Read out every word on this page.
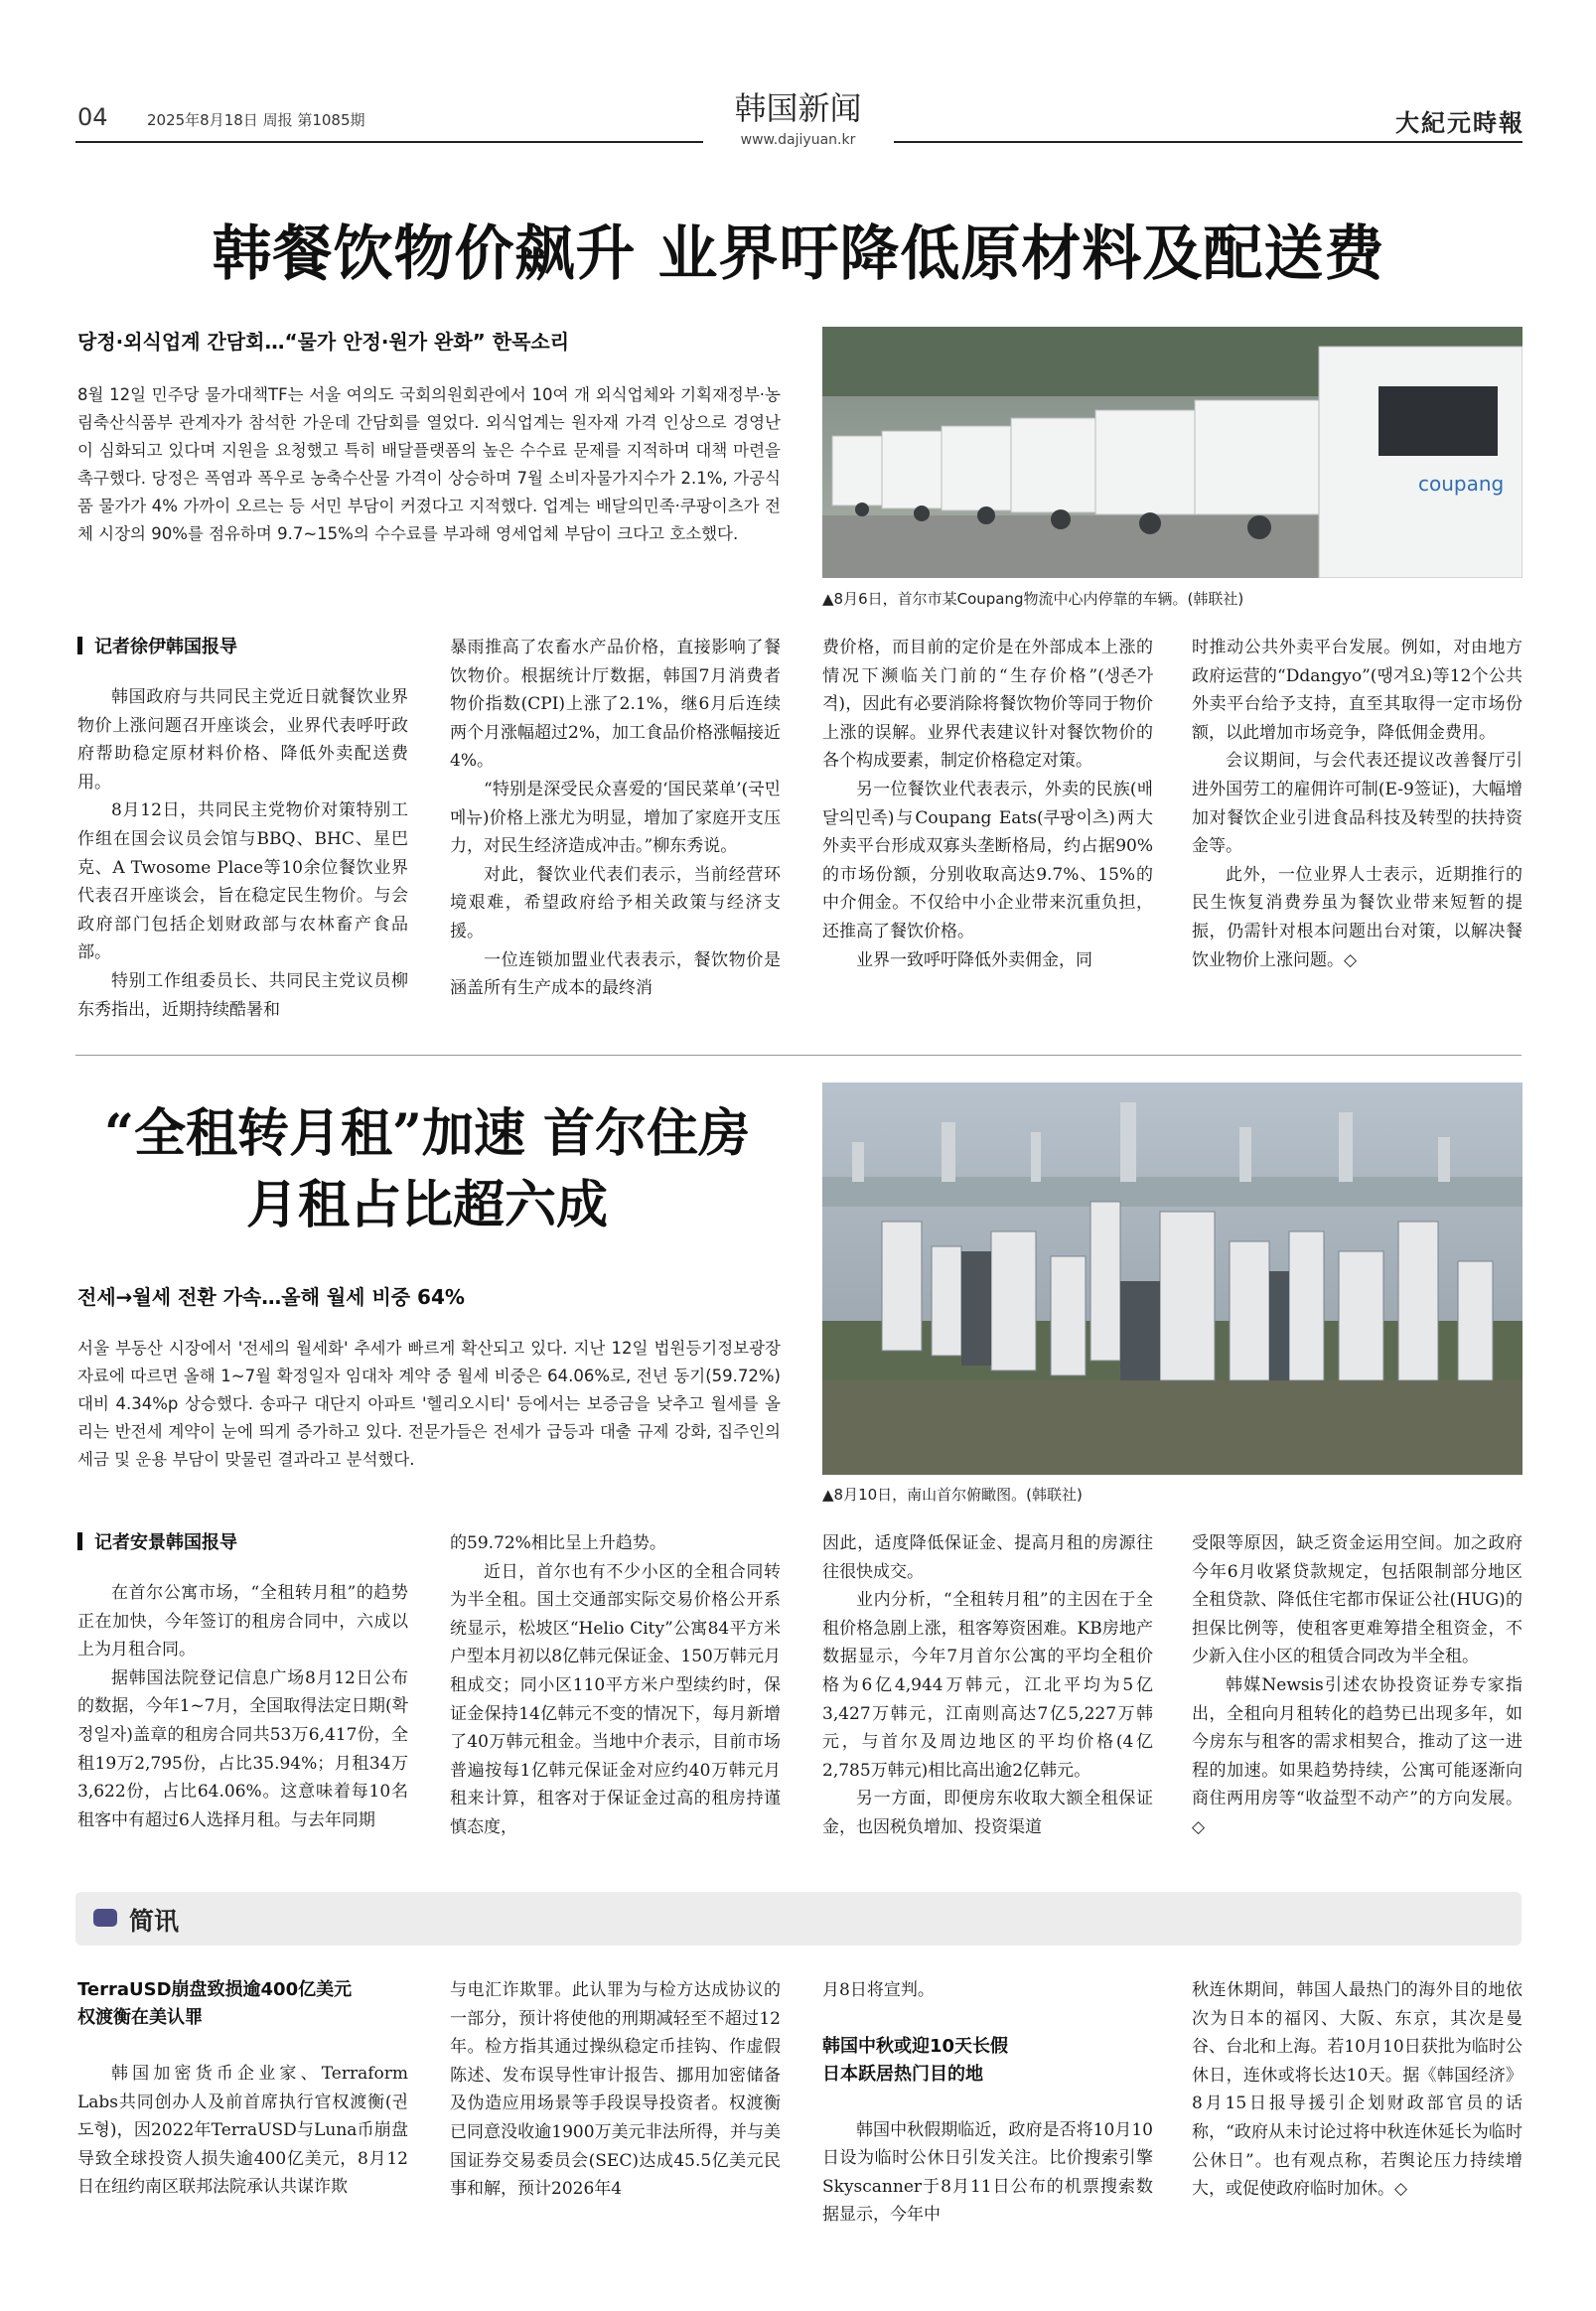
04	2025年8月18日 周报 第1085期	韩国新闻
www.dajiyuan.kr
大紀元時報
韩餐饮物价飙升 业界吁降低原材料及配送费
당정·외식업계 간담회…“물가 안정·원가 완화” 한목소리
8월 12일 민주당 물가대책TF는 서울 여의도 국회의원회관에서 10여 개 외식업체와 기획재정부·농림축산식품부 관계자가 참석한 가운데 간담회를 열었다. 외식업계는 원자재 가격 인상으로 경영난이 심화되고 있다며 지원을 요청했고 특히 배달플랫폼의 높은 수수료 문제를 지적하며 대책 마련을 촉구했다. 당정은 폭염과 폭우로 농축수산물 가격이 상승하며 7월 소비자물가지수가 2.1%, 가공식품 물가가 4% 가까이 오르는 등 서민 부담이 커졌다고 지적했다. 업계는 배달의민족·쿠팡이츠가 전체 시장의 90%를 점유하며 9.7~15%의 수수료를 부과해 영세업체 부담이 크다고 호소했다.
coupang
▲8月6日，首尔市某Coupang物流中心内停靠的车辆。(韩联社)
记者徐伊韩国报导

韩国政府与共同民主党近日就餐饮业界物价上涨问题召开座谈会，业界代表呼吁政府帮助稳定原材料价格、降低外卖配送费用。

8月12日，共同民主党物价对策特别工作组在国会议员会馆与BBQ、BHC、星巴克、A Twosome Place等10余位餐饮业界代表召开座谈会，旨在稳定民生物价。与会政府部门包括企划财政部与农林畜产食品部。

特别工作组委员长、共同民主党议员柳东秀指出，近期持续酷暑和

暴雨推高了农畜水产品价格，直接影响了餐饮物价。根据统计厅数据，韩国7月消费者物价指数(CPI)上涨了2.1%，继6月后连续两个月涨幅超过2%，加工食品价格涨幅接近4%。

“特别是深受民众喜爱的‘国民菜单’(국민 메뉴)价格上涨尤为明显，增加了家庭开支压力，对民生经济造成冲击。”柳东秀说。

对此，餐饮业代表们表示，当前经营环境艰难，希望政府给予相关政策与经济支援。

一位连锁加盟业代表表示，餐饮物价是涵盖所有生产成本的最终消

费价格，而目前的定价是在外部成本上涨的情况下濒临关门前的“生存价格”(생존가격)，因此有必要消除将餐饮物价等同于物价上涨的误解。业界代表建议针对餐饮物价的各个构成要素，制定价格稳定对策。

另一位餐饮业代表表示，外卖的民族(배달의민족)与Coupang Eats(쿠팡이츠)两大外卖平台形成双寡头垄断格局，约占据90%的市场份额，分别收取高达9.7%、15%的中介佣金。不仅给中小企业带来沉重负担，还推高了餐饮价格。

业界一致呼吁降低外卖佣金，同

时推动公共外卖平台发展。例如，对由地方政府运营的“Ddangyo”(땡겨요)等12个公共外卖平台给予支持，直至其取得一定市场份额，以此增加市场竞争，降低佣金费用。

会议期间，与会代表还提议改善餐厅引进外国劳工的雇佣许可制(E-9签证)，大幅增加对餐饮企业引进食品科技及转型的扶持资金等。

此外，一位业界人士表示，近期推行的民生恢复消费券虽为餐饮业带来短暂的提振，仍需针对根本问题出台对策，以解决餐饮业物价上涨问题。◇

“全租转月租”加速 首尔住房
月租占比超六成
전세→월세 전환 가속…올해 월세 비중 64%
서울 부동산 시장에서 '전세의 월세화' 추세가 빠르게 확산되고 있다. 지난 12일 법원등기정보광장 자료에 따르면 올해 1~7월 확정일자 임대차 계약 중 월세 비중은 64.06%로, 전년 동기(59.72%) 대비 4.34%p 상승했다. 송파구 대단지 아파트 '헬리오시티' 등에서는 보증금을 낮추고 월세를 올리는 반전세 계약이 눈에 띄게 증가하고 있다. 전문가들은 전세가 급등과 대출 규제 강화, 집주인의 세금 및 운용 부담이 맞물린 결과라고 분석했다.
▲8月10日，南山首尔俯瞰图。(韩联社)
记者安景韩国报导

在首尔公寓市场，“全租转月租”的趋势正在加快，今年签订的租房合同中，六成以上为月租合同。

据韩国法院登记信息广场8月12日公布的数据，今年1~7月，全国取得法定日期(확정일자)盖章的租房合同共53万6,417份，全租19万2,795份，占比35.94%；月租34万3,622份，占比64.06%。这意味着每10名租客中有超过6人选择月租。与去年同期

的59.72%相比呈上升趋势。

近日，首尔也有不少小区的全租合同转为半全租。国土交通部实际交易价格公开系统显示，松坡区“Helio City”公寓84平方米户型本月初以8亿韩元保证金、150万韩元月租成交；同小区110平方米户型续约时，保证金保持14亿韩元不变的情况下，每月新增了40万韩元租金。当地中介表示，目前市场普遍按每1亿韩元保证金对应约40万韩元月租来计算，租客对于保证金过高的租房持谨慎态度，

因此，适度降低保证金、提高月租的房源往往很快成交。

业内分析，“全租转月租”的主因在于全租价格急剧上涨，租客筹资困难。KB房地产数据显示，今年7月首尔公寓的平均全租价格为6亿4,944万韩元，江北平均为5亿3,427万韩元，江南则高达7亿5,227万韩元，与首尔及周边地区的平均价格(4亿2,785万韩元)相比高出逾2亿韩元。

另一方面，即便房东收取大额全租保证金，也因税负增加、投资渠道

受限等原因，缺乏资金运用空间。加之政府今年6月收紧贷款规定，包括限制部分地区全租贷款、降低住宅都市保证公社(HUG)的担保比例等，使租客更难筹措全租资金，不少新入住小区的租赁合同改为半全租。

韩媒Newsis引述农协投资证券专家指出，全租向月租转化的趋势已出现多年，如今房东与租客的需求相契合，推动了这一进程的加速。如果趋势持续，公寓可能逐渐向商住两用房等“收益型不动产”的方向发展。◇

简讯
TerraUSD崩盘致损逾400亿美元
权渡衡在美认罪

韩国加密货币企业家、Terraform Labs共同创办人及前首席执行官权渡衡(권도형)，因2022年TerraUSD与Luna币崩盘导致全球投资人损失逾400亿美元，8月12日在纽约南区联邦法院承认共谋诈欺

与电汇诈欺罪。此认罪为与检方达成协议的一部分，预计将使他的刑期减轻至不超过12年。检方指其通过操纵稳定币挂钩、作虚假陈述、发布误导性审计报告、挪用加密储备及伪造应用场景等手段误导投资者。权渡衡已同意没收逾1900万美元非法所得，并与美国证券交易委员会(SEC)达成45.5亿美元民事和解，预计2026年4

月8日将宣判。

韩国中秋或迎10天长假
日本跃居热门目的地

韩国中秋假期临近，政府是否将10月10日设为临时公休日引发关注。比价搜索引擎Skyscanner于8月11日公布的机票搜索数据显示，今年中

秋连休期间，韩国人最热门的海外目的地依次为日本的福冈、大阪、东京，其次是曼谷、台北和上海。若10月10日获批为临时公休日，连休或将长达10天。据《韩国经济》8月15日报导援引企划财政部官员的话称，“政府从未讨论过将中秋连休延长为临时公休日”。也有观点称，若舆论压力持续增大，或促使政府临时加休。◇
